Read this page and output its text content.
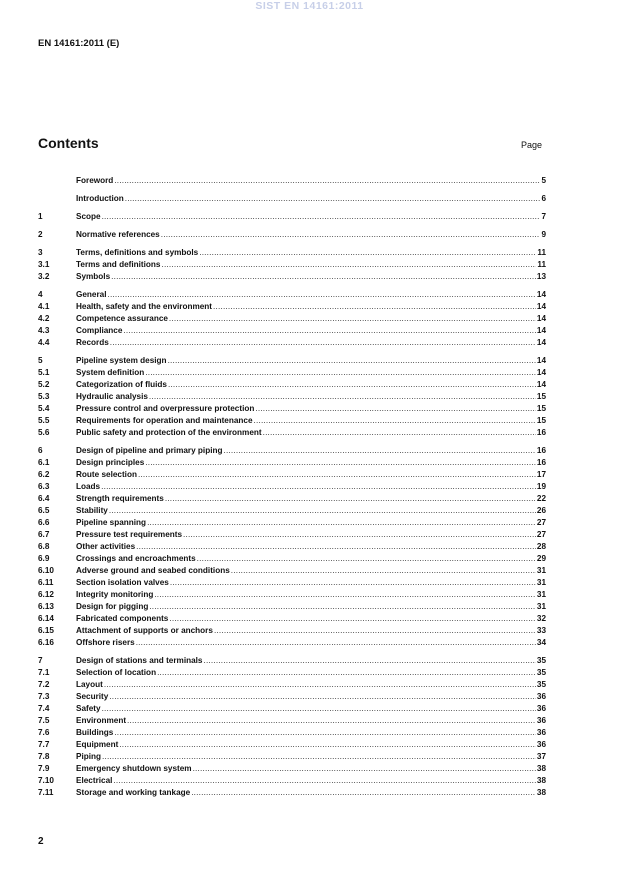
SIST EN 14161:2011
EN 14161:2011 (E)
Contents	Page
Foreword .....	5
Introduction .....	6
1	Scope .....	7
2	Normative references .....	9
3	Terms, definitions and symbols .....	11
3.1	Terms and definitions .....	11
3.2	Symbols .....	13
4	General .....	14
4.1	Health, safety and the environment .....	14
4.2	Competence assurance .....	14
4.3	Compliance .....	14
4.4	Records .....	14
5	Pipeline system design .....	14
5.1	System definition .....	14
5.2	Categorization of fluids .....	14
5.3	Hydraulic analysis .....	15
5.4	Pressure control and overpressure protection .....	15
5.5	Requirements for operation and maintenance .....	15
5.6	Public safety and protection of the environment .....	16
6	Design of pipeline and primary piping .....	16
6.1	Design principles .....	16
6.2	Route selection .....	17
6.3	Loads .....	19
6.4	Strength requirements .....	22
6.5	Stability .....	26
6.6	Pipeline spanning .....	27
6.7	Pressure test requirements .....	27
6.8	Other activities .....	28
6.9	Crossings and encroachments .....	29
6.10	Adverse ground and seabed conditions .....	31
6.11	Section isolation valves .....	31
6.12	Integrity monitoring .....	31
6.13	Design for pigging .....	31
6.14	Fabricated components .....	32
6.15	Attachment of supports or anchors .....	33
6.16	Offshore risers .....	34
7	Design of stations and terminals .....	35
7.1	Selection of location .....	35
7.2	Layout .....	35
7.3	Security .....	36
7.4	Safety .....	36
7.5	Environment .....	36
7.6	Buildings .....	36
7.7	Equipment .....	36
7.8	Piping .....	37
7.9	Emergency shutdown system .....	38
7.10	Electrical .....	38
7.11	Storage and working tankage .....	38
2
